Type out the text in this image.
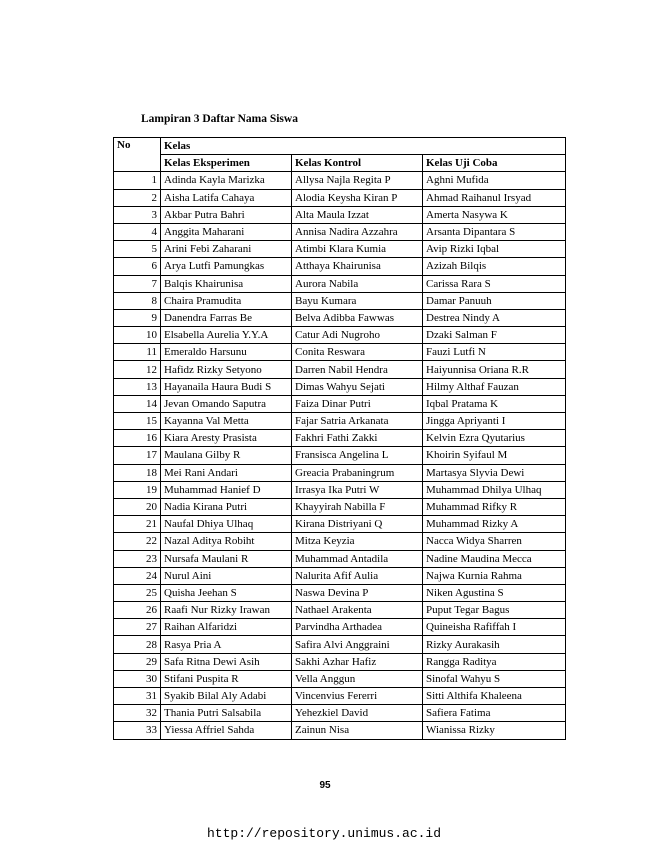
Lampiran 3 Daftar Nama Siswa
No	Kelas		
	Kelas Eksperimen	Kelas Kontrol	Kelas Uji Coba
1	Adinda Kayla Marizka	Allysa Najla Regita P	Aghni Mufida
2	Aisha Latifa Cahaya	Alodia Keysha Kiran P	Ahmad Raihanul Irsyad
3	Akbar Putra Bahri	Alta Maula Izzat	Amerta Nasywa K
4	Anggita Maharani	Annisa Nadira Azzahra	Arsanta Dipantara S
5	Arini Febi Zaharani	Atimbi Klara Kumia	Avip Rizki Iqbal
6	Arya Lutfi Pamungkas	Atthaya Khairunisa	Azizah Bilqis
7	Balqis Khairunisa	Aurora Nabila	Carissa Rara S
8	Chaira Pramudita	Bayu Kumara	Damar Panuuh
9	Danendra Farras Be	Belva Adibba Fawwas	Destrea Nindy A
10	Elsabella Aurelia Y.Y.A	Catur Adi Nugroho	Dzaki Salman F
11	Emeraldo Harsunu	Conita Reswara	Fauzi Lutfi N
12	Hafidz Rizky Setyono	Darren Nabil Hendra	Haiyunnisa Oriana R.R
13	Hayanaila Haura Budi S	Dimas Wahyu Sejati	Hilmy Althaf Fauzan
14	Jevan Omando Saputra	Faiza Dinar Putri	Iqbal Pratama K
15	Kayanna Val Metta	Fajar Satria Arkanata	Jingga Apriyanti I
16	Kiara Aresty Prasista	Fakhri Fathi Zakki	Kelvin Ezra Qyutarius
17	Maulana Gilby R	Fransisca Angelina L	Khoirin Syifaul M
18	Mei Rani Andari	Greacia Prabaningrum	Martasya Slyvia Dewi
19	Muhammad Hanief D	Irrasya Ika Putri W	Muhammad Dhilya Ulhaq
20	Nadia Kirana Putri	Khayyirah Nabilla F	Muhammad Rifky R
21	Naufal Dhiya Ulhaq	Kirana Distriyani Q	Muhammad Rizky A
22	Nazal Aditya Robiht	Mitza Keyzia	Nacca Widya Sharren
23	Nursafa Maulani R	Muhammad Antadila	Nadine Maudina Mecca
24	Nurul Aini	Nalurita Afif Aulia	Najwa Kurnia Rahma
25	Quisha Jeehan S	Naswa Devina P	Niken Agustina S
26	Raafi Nur Rizky Irawan	Nathael Arakenta	Puput Tegar Bagus
27	Raihan Alfaridzi	Parvindha Arthadea	Quineisha Rafiffah I
28	Rasya Pria A	Safira Alvi Anggraini	Rizky Aurakasih
29	Safa Ritna Dewi Asih	Sakhi Azhar Hafiz	Rangga Raditya
30	Stifani Puspita R	Vella Anggun	Sinofal Wahyu S
31	Syakib Bilal Aly Adabi	Vincenvius Fererri	Sitti Althifa Khaleena
32	Thania Putri Salsabila	Yehezkiel David	Safiera Fatima
33	Yiessa Affriel Sahda	Zainun Nisa	Wianissa Rizky
95
http://repository.unimus.ac.id
